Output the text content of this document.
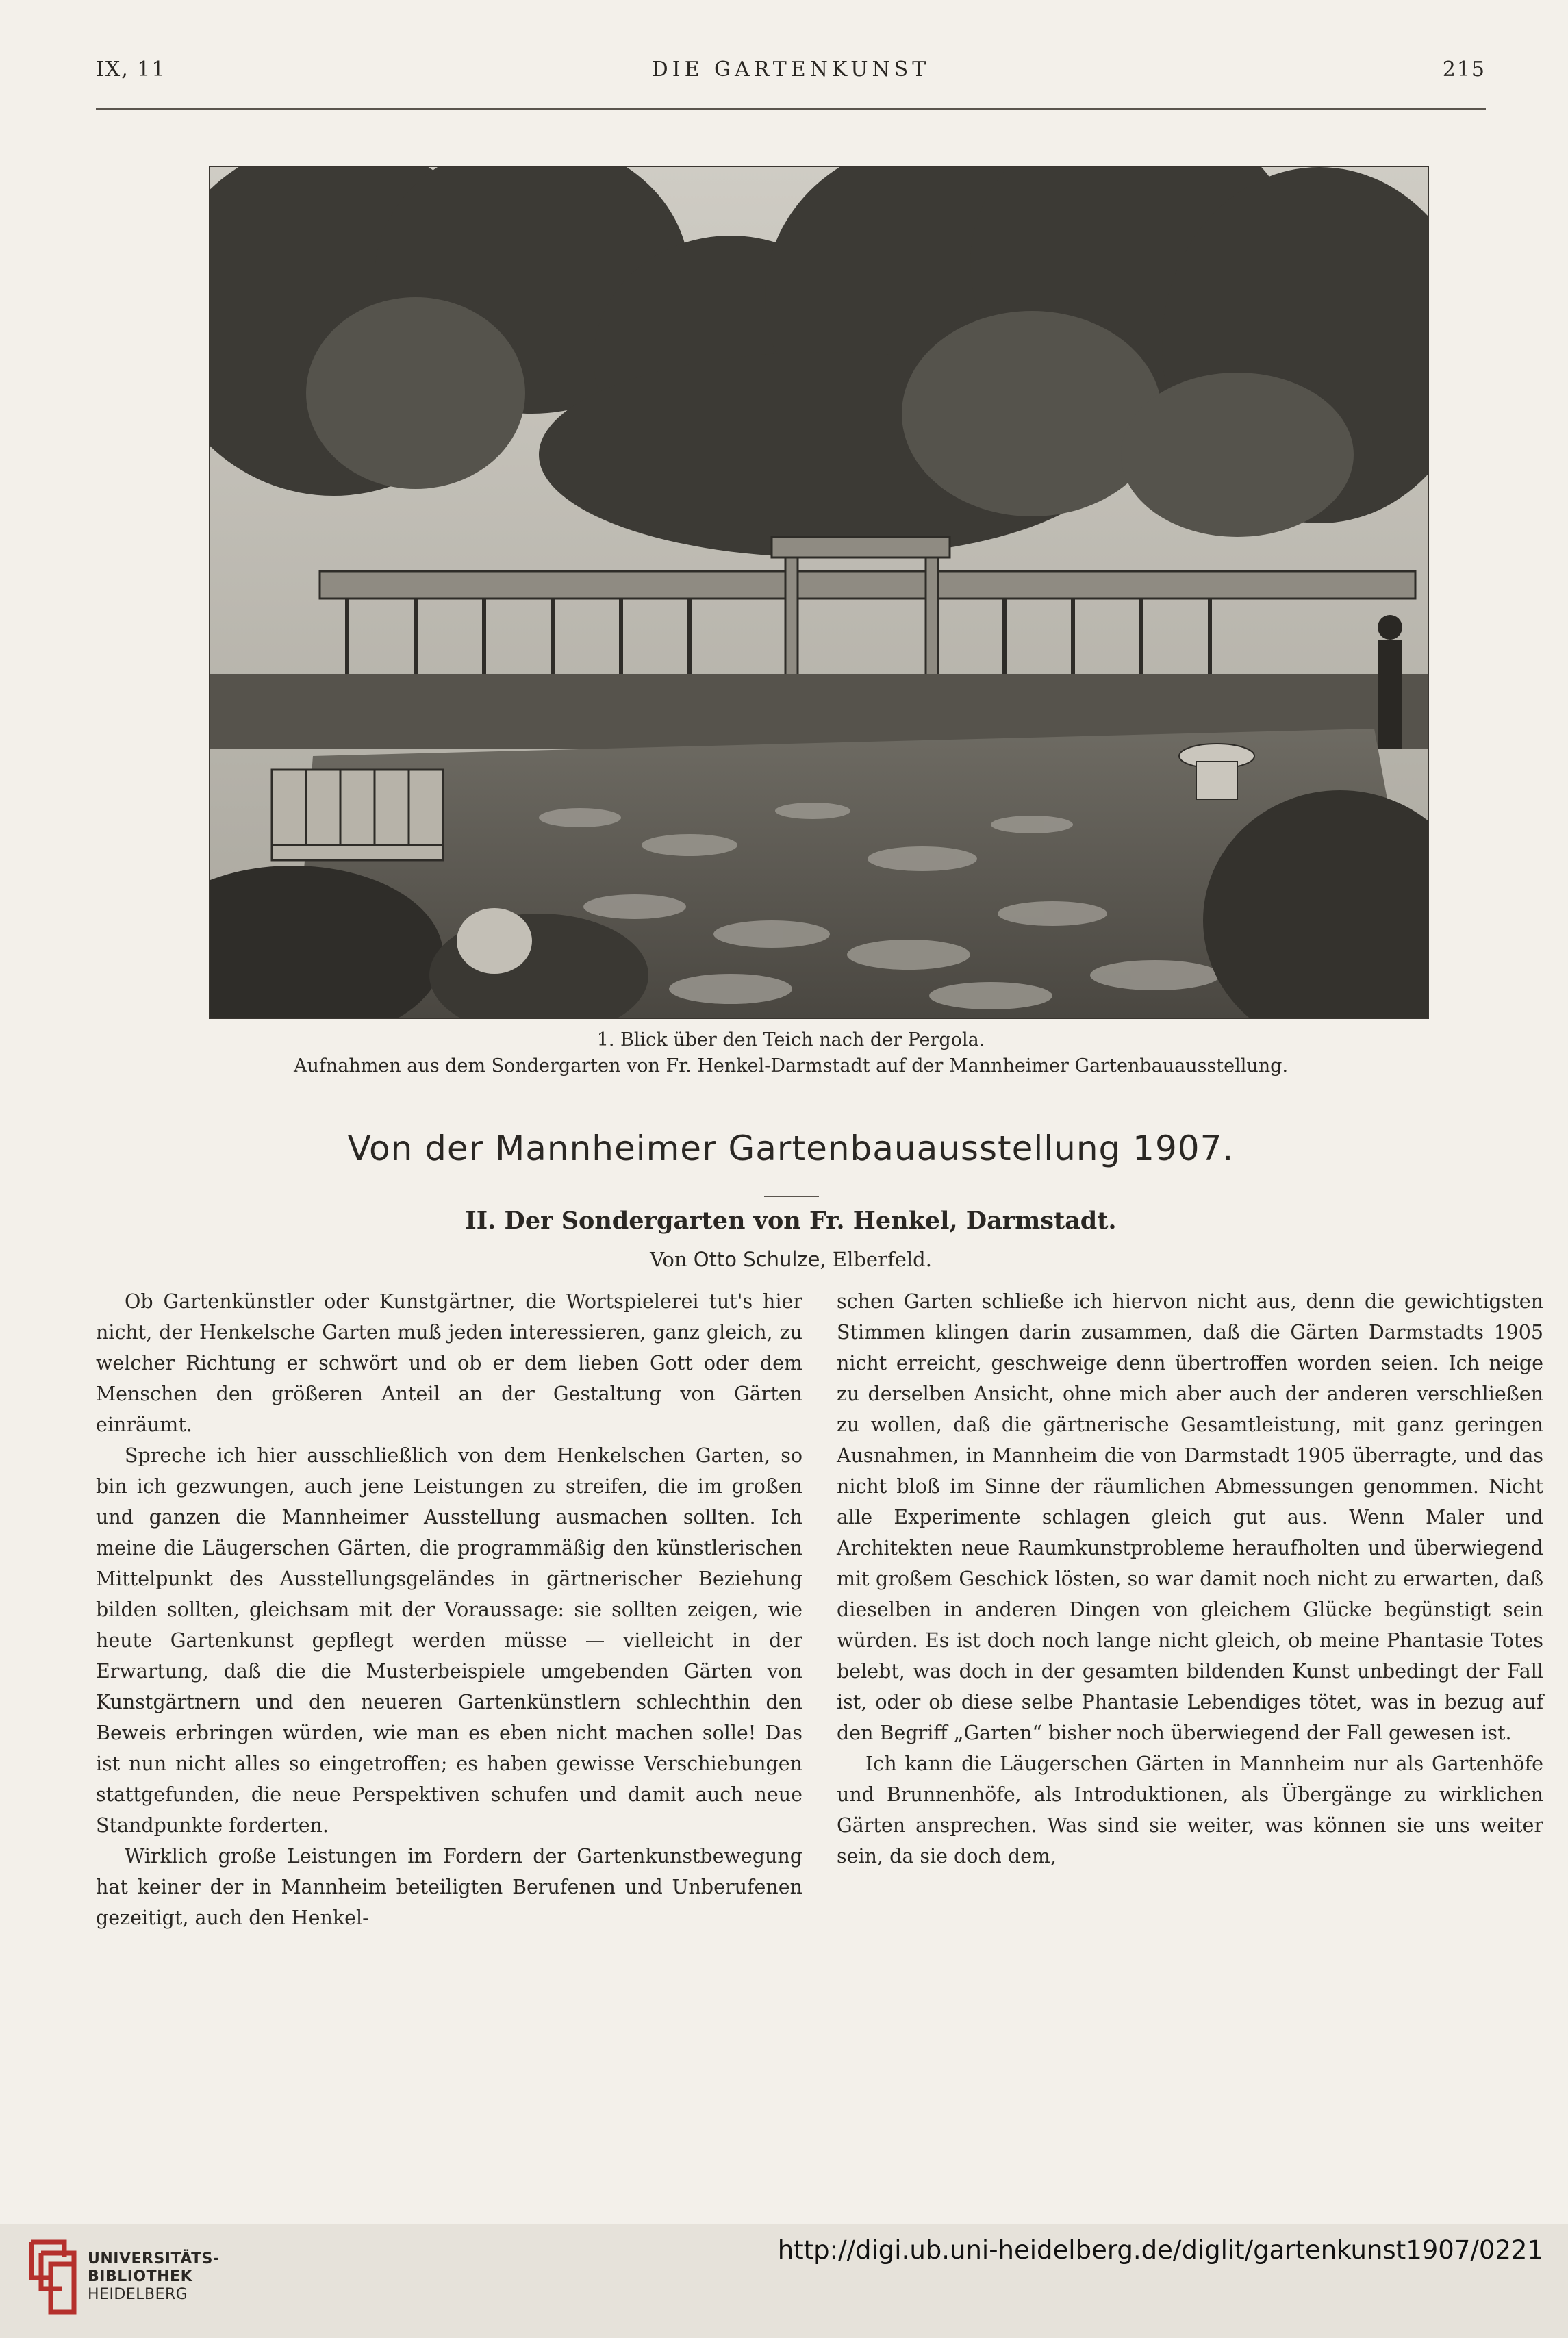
IX, 11	DIE GARTENKUNST	215
1. Blick über den Teich nach der Pergola.
Aufnahmen aus dem Sondergarten von Fr. Henkel-Darmstadt auf der Mannheimer Gartenbauausstellung.
Von der Mannheimer Gartenbauausstellung 1907.
II. Der Sondergarten von Fr. Henkel, Darmstadt.
Von Otto Schulze, Elberfeld.

Ob Gartenkünstler oder Kunstgärtner, die Wortspielerei tut's hier nicht, der Henkelsche Garten muß jeden interessieren, ganz gleich, zu welcher Richtung er schwört und ob er dem lieben Gott oder dem Menschen den größeren Anteil an der Gestaltung von Gärten einräumt.

Spreche ich hier ausschließlich von dem Henkelschen Garten, so bin ich gezwungen, auch jene Leistungen zu streifen, die im großen und ganzen die Mannheimer Ausstellung ausmachen sollten. Ich meine die Läugerschen Gärten, die programmäßig den künstlerischen Mittelpunkt des Ausstellungsgeländes in gärtnerischer Beziehung bilden sollten, gleichsam mit der Voraussage: sie sollten zeigen, wie heute Gartenkunst gepflegt werden müsse — vielleicht in der Erwartung, daß die die Musterbeispiele umgebenden Gärten von Kunstgärtnern und den neueren Gartenkünstlern schlechthin den Beweis erbringen würden, wie man es eben nicht machen solle! Das ist nun nicht alles so eingetroffen; es haben gewisse Verschiebungen stattgefunden, die neue Perspektiven schufen und damit auch neue Standpunkte forderten.

Wirklich große Leistungen im Fordern der Gartenkunstbewegung hat keiner der in Mannheim beteiligten Berufenen und Unberufenen gezeitigt, auch den Henkel-

schen Garten schließe ich hiervon nicht aus, denn die gewichtigsten Stimmen klingen darin zusammen, daß die Gärten Darmstadts 1905 nicht erreicht, geschweige denn übertroffen worden seien. Ich neige zu derselben Ansicht, ohne mich aber auch der anderen verschließen zu wollen, daß die gärtnerische Gesamtleistung, mit ganz geringen Ausnahmen, in Mannheim die von Darmstadt 1905 überragte, und das nicht bloß im Sinne der räumlichen Abmessungen genommen. Nicht alle Experimente schlagen gleich gut aus. Wenn Maler und Architekten neue Raumkunstprobleme heraufholten und überwiegend mit großem Geschick lösten, so war damit noch nicht zu erwarten, daß dieselben in anderen Dingen von gleichem Glücke begünstigt sein würden. Es ist doch noch lange nicht gleich, ob meine Phantasie Totes belebt, was doch in der gesamten bildenden Kunst unbedingt der Fall ist, oder ob diese selbe Phantasie Lebendiges tötet, was in bezug auf den Begriff „Garten“ bisher noch überwiegend der Fall gewesen ist.

Ich kann die Läugerschen Gärten in Mannheim nur als Gartenhöfe und Brunnenhöfe, als Introduktionen, als Übergänge zu wirklichen Gärten ansprechen. Was sind sie weiter, was können sie uns weiter sein, da sie doch dem,

UNIVERSITÄTS-
BIBLIOTHEK
HEIDELBERG
http://digi.ub.uni-heidelberg.de/diglit/gartenkunst1907/0221
